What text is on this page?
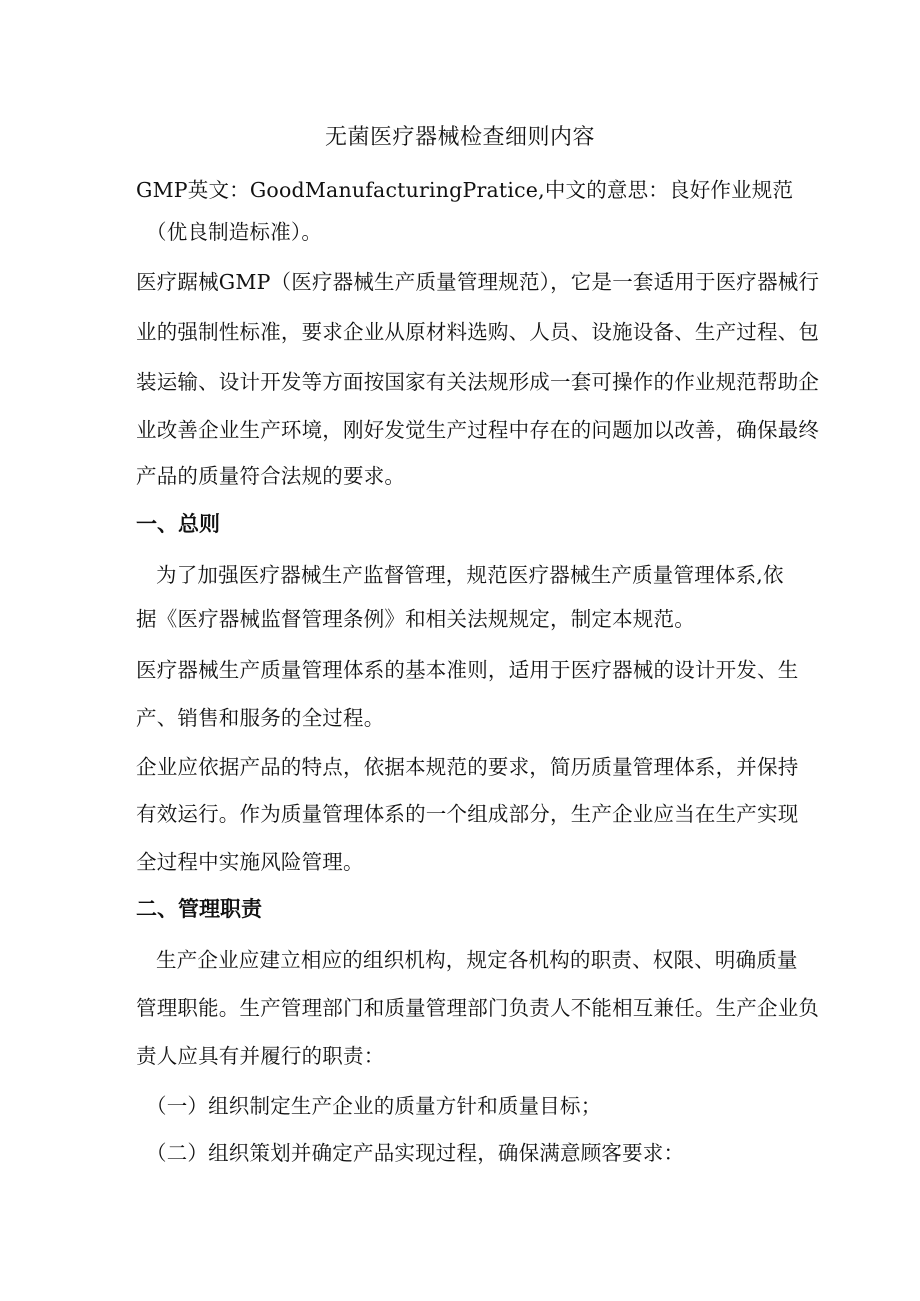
无菌医疗器械检查细则内容
GMP英文：GoodManufacturingPratice,中文的意思：良好作业规范
（优良制造标准）。
医疗踞械GMP（医疗器械生产质量管理规范），它是一套适用于医疗器械行
业的强制性标准，要求企业从原材料选购、人员、设施设备、生产过程、包
装运输、设计开发等方面按国家有关法规形成一套可操作的作业规范帮助企
业改善企业生产环境，刚好发觉生产过程中存在的问题加以改善，确保最终
产品的质量符合法规的要求。
一、总则
为了加强医疗器械生产监督管理，规范医疗器械生产质量管理体系,依
据《医疗器械监督管理条例》和相关法规规定，制定本规范。
医疗器械生产质量管理体系的基本准则，适用于医疗器械的设计开发、生
产、销售和服务的全过程。
企业应依据产品的特点，依据本规范的要求，简历质量管理体系，并保持
有效运行。作为质量管理体系的一个组成部分，生产企业应当在生产实现
全过程中实施风险管理。
二、管理职责
生产企业应建立相应的组织机构，规定各机构的职责、权限、明确质量
管理职能。生产管理部门和质量管理部门负责人不能相互兼任。生产企业负
责人应具有并履行的职责：
（一）组织制定生产企业的质量方针和质量目标；
（二）组织策划并确定产品实现过程，确保满意顾客要求：
